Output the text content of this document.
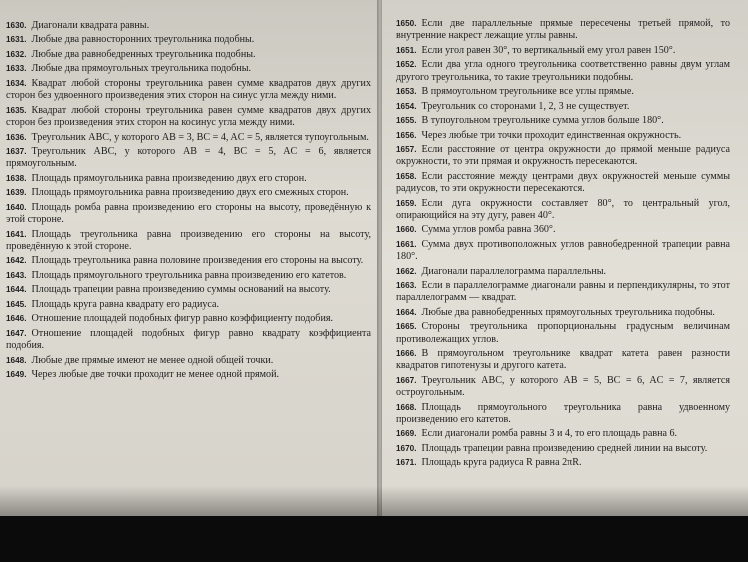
1630. Диагонали квадрата равны.
1631. Любые два равносторонних треугольника подобны.
1632. Любые два равнобедренных треугольника подобны.
1633. Любые два прямоугольных треугольника подобны.
1634. Квадрат любой стороны треугольника равен сумме квадратов двух других сторон без удвоенного произведения этих сторон на синус угла между ними.
1635. Квадрат любой стороны треугольника равен сумме квадратов двух других сторон без произведения этих сторон на косинус угла между ними.
1636. Треугольник ABC, у которого AB = 3, BC = 4, AC = 5, является тупоугольным.
1637. Треугольник ABC, у которого AB = 4, BC = 5, AC = 6, является прямоугольным.
1638. Площадь прямоугольника равна произведению двух его сторон.
1639. Площадь прямоугольника равна произведению двух его смежных сторон.
1640. Площадь ромба равна произведению его стороны на высоту, проведённую к этой стороне.
1641. Площадь треугольника равна произведению его стороны на высоту, проведённую к этой стороне.
1642. Площадь треугольника равна половине произведения его стороны на высоту.
1643. Площадь прямоугольного треугольника равна произведению его катетов.
1644. Площадь трапеции равна произведению суммы оснований на высоту.
1645. Площадь круга равна квадрату его радиуса.
1646. Отношение площадей подобных фигур равно коэффициенту подобия.
1647. Отношение площадей подобных фигур равно квадрату коэффициента подобия.
1648. Любые две прямые имеют не менее одной общей точки.
1649. Через любые две точки проходит не менее одной прямой.
1650. Если две параллельные прямые пересечены третьей прямой, то внутренние накрест лежащие углы равны.
1651. Если угол равен 30°, то вертикальный ему угол равен 150°.
1652. Если два угла одного треугольника соответственно равны двум углам другого треугольника, то такие треугольники подобны.
1653. В прямоугольном треугольнике все углы прямые.
1654. Треугольник со сторонами 1, 2, 3 не существует.
1655. В тупоугольном треугольнике сумма углов больше 180°.
1656. Через любые три точки проходит единственная окружность.
1657. Если расстояние от центра окружности до прямой меньше радиуса окружности, то эти прямая и окружность пересекаются.
1658. Если расстояние между центрами двух окружностей меньше суммы радиусов, то эти окружности пересекаются.
1659. Если дуга окружности составляет 80°, то центральный угол, опирающийся на эту дугу, равен 40°.
1660. Сумма углов ромба равна 360°.
1661. Сумма двух противоположных углов равнобедренной трапеции равна 180°.
1662. Диагонали параллелограмма параллельны.
1663. Если в параллелограмме диагонали равны и перпендикулярны, то этот параллелограмм — квадрат.
1664. Любые два равнобедренных прямоугольных треугольника подобны.
1665. Стороны треугольника пропорциональны градусным величинам противолежащих углов.
1666. В прямоугольном треугольнике квадрат катета равен разности квадратов гипотенузы и другого катета.
1667. Треугольник ABC, у которого AB = 5, BC = 6, AC = 7, является остроугольным.
1668. Площадь прямоугольного треугольника равна удвоенному произведению его катетов.
1669. Если диагонали ромба равны 3 и 4, то его площадь равна 6.
1670. Площадь трапеции равна произведению средней линии на высоту.
1671. Площадь круга радиуса R равна 2πR.
